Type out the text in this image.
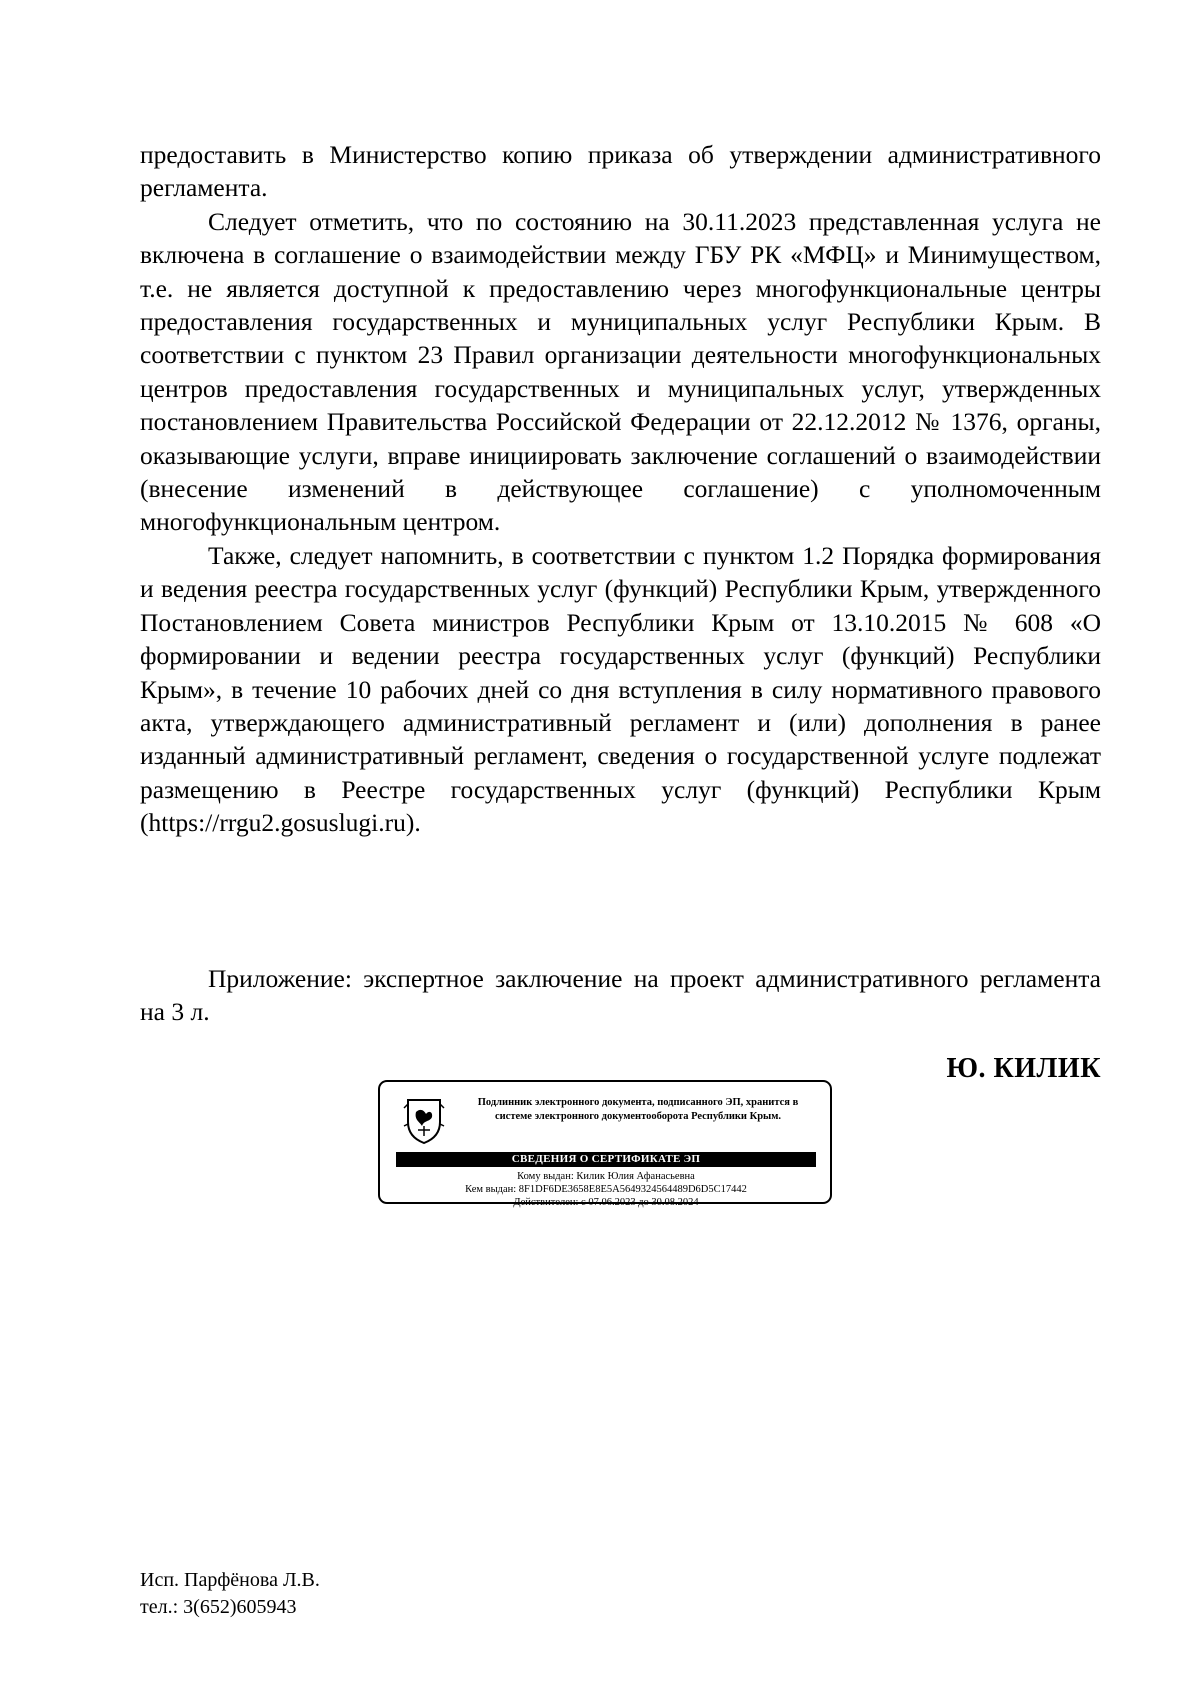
предоставить в Министерство копию приказа об утверждении административного регламента.

Следует отметить, что по состоянию на 30.11.2023 представленная услуга не включена в соглашение о взаимодействии между ГБУ РК «МФЦ» и Минимуществом, т.е. не является доступной к предоставлению через многофункциональные центры предоставления государственных и муниципальных услуг Республики Крым. В соответствии с пунктом 23 Правил организации деятельности многофункциональных центров предоставления государственных и муниципальных услуг, утвержденных постановлением Правительства Российской Федерации от 22.12.2012 № 1376, органы, оказывающие услуги, вправе инициировать заключение соглашений о взаимодействии (внесение изменений в действующее соглашение) с уполномоченным многофункциональным центром.

Также, следует напомнить, в соответствии с пунктом 1.2 Порядка формирования и ведения реестра государственных услуг (функций) Республики Крым, утвержденного Постановлением Совета министров Республики Крым от 13.10.2015 № 608 «О формировании и ведении реестра государственных услуг (функций) Республики Крым», в течение 10 рабочих дней со дня вступления в силу нормативного правового акта, утверждающего административный регламент и (или) дополнения в ранее изданный административный регламент, сведения о государственной услуге подлежат размещению в Реестре государственных услуг (функций) Республики Крым (https://rrgu2.gosuslugi.ru).

Приложение: экспертное заключение на проект административного регламента на 3 л.

Ю. КИЛИК
Подлинник электронного документа, подписанного ЭП, хранится в системе электронного документооборота Республики Крым.
СВЕДЕНИЯ О СЕРТИФИКАТЕ ЭП
Кому выдан: Килик Юлия Афанасьевна
Кем выдан: 8F1DF6DE3658E8E5A5649324564489D6D5C17442
Действителен: с 07.06.2023 до 30.08.2024
Исп. Парфёнова Л.В.
тел.: 3(652)605943
